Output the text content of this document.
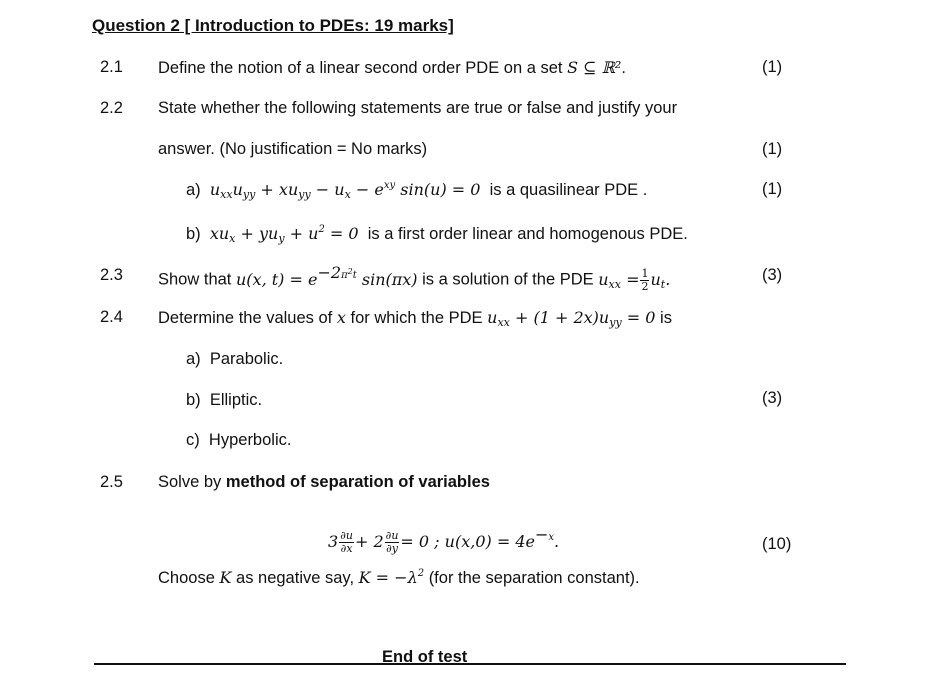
Question 2 [ Introduction to PDEs: 19 marks]
2.1 Define the notion of a linear second order PDE on a set S ⊆ ℝ².	(1)
2.2 State whether the following statements are true or false and justify your
answer. (No justification = No marks)	(1)
a) $u_{xx}u_{yy} + xu_{yy} - u_x - e^{xy}$ sin(u) = 0 is a quasilinear PDE .	(1)
b) $xu_x + yu_y + u^2 = 0$ is a first order linear and homogenous PDE.
2.3 Show that u(x, $t) = e^{-2\pi^2t}$ sin(πx) is a solution of the PDE $u_{xx} = \frac{1}{2} u_t$.	(3)
2.4 Determine the values of x for which the PDE $u_{xx} + (1 + 2x)u_{yy} = 0$ is
a) Parabolic.
b) Elliptic.	(3)
c) Hyperbolic.
2.5 Solve by method of separation of variables
$3 \frac{\partial u}{\partial x} + 2 \frac{\partial u}{\partial y} = 0$ ; $u(x,0) = 4e^{-x}$.	(10)
Choose K as negative say, $K = -\lambda^2$ (for the separation constant).
End of test
